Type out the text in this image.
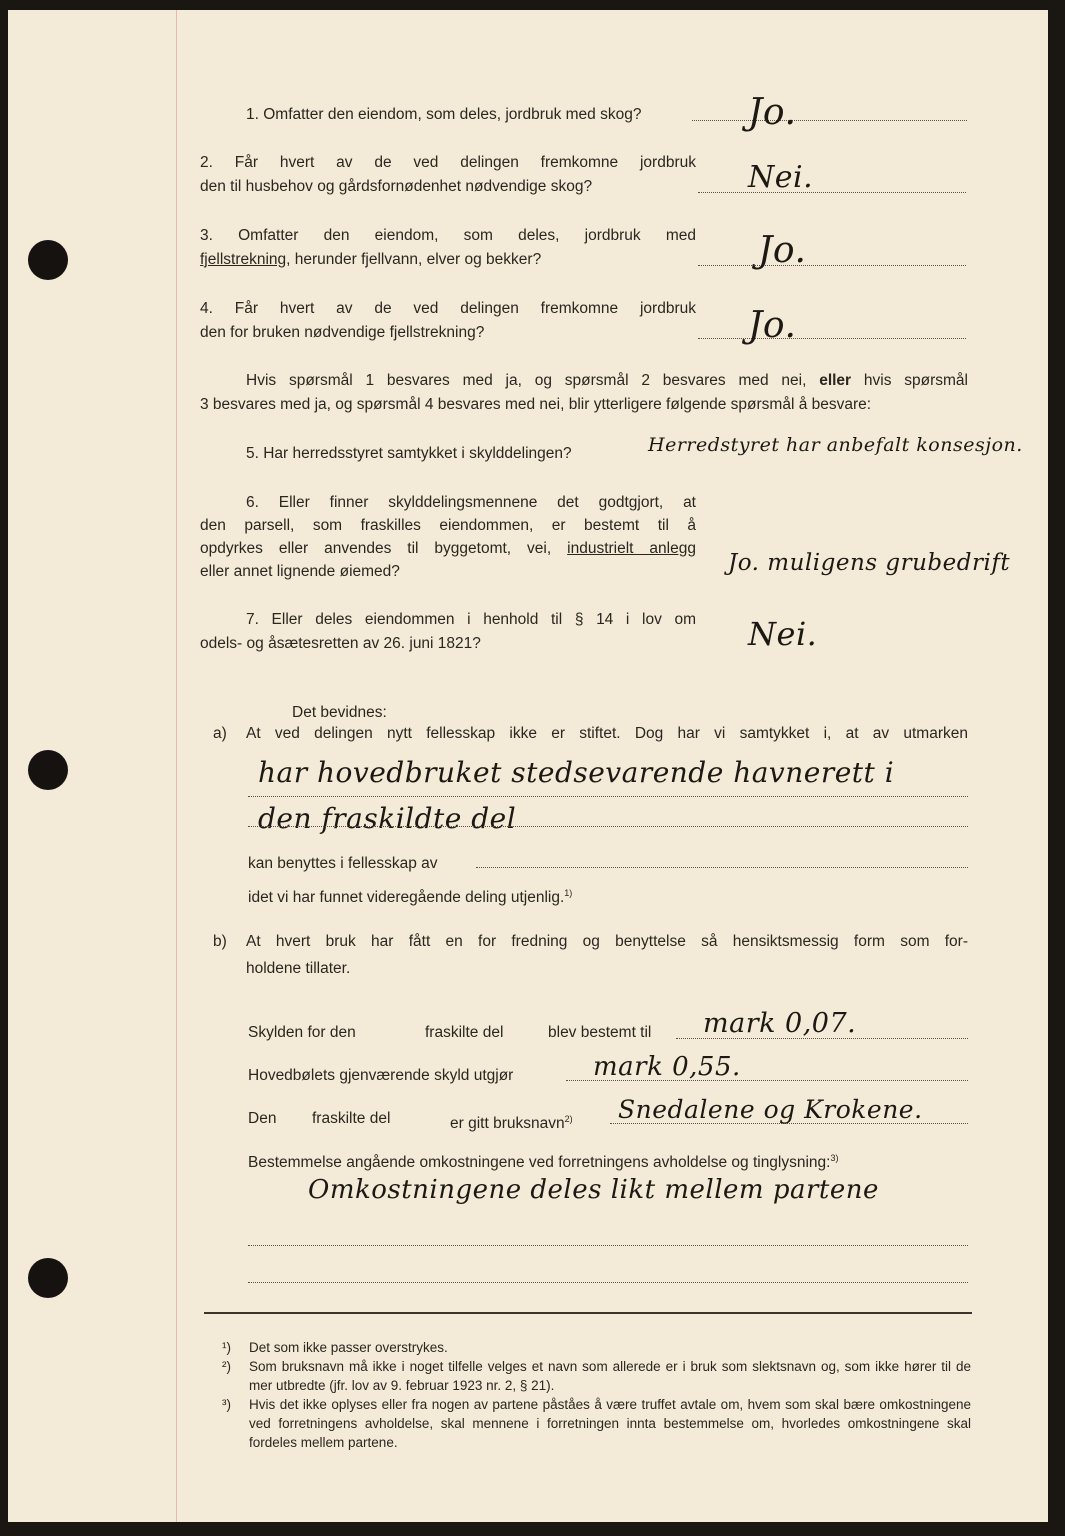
1. Omfatter den eiendom, som deles, jordbruk med skog?	Jo.
2. Får hvert av de ved delingen fremkomne jordbruk
den til husbehov og gårdsfornødenhet nødvendige skog?	Nei.
3. Omfatter den eiendom, som deles, jordbruk med
fjellstrekning, herunder fjellvann, elver og bekker?	Jo.
4. Får hvert av de ved delingen fremkomne jordbruk
den for bruken nødvendige fjellstrekning?	Jo.
Hvis spørsmål 1 besvares med ja, og spørsmål 2 besvares med nei, eller hvis spørsmål
3 besvares med ja, og spørsmål 4 besvares med nei, blir ytterligere følgende spørsmål å besvare:
5. Har herredsstyret samtykket i skylddelingen?	Herredstyret har anbefalt konsesjon.
6. Eller finner skylddelingsmennene det godtgjort, at
den parsell, som fraskilles eiendommen, er bestemt til å
opdyrkes eller anvendes til byggetomt, vei, industrielt anlegg
eller annet lignende øiemed?	Jo. muligens grubedrift
7. Eller deles eiendommen i henhold til § 14 i lov om
odels- og åsætesretten av 26. juni 1821?	Nei.
Det bevidnes:
a) At ved delingen nytt fellesskap ikke er stiftet. Dog har vi samtykket i, at av utmarken
har hovedbruket stedsevarende havnerett i
den fraskildte del
kan benyttes i fellesskap av
idet vi har funnet videregående deling utjenlig.$^{1)}$
b) At hvert bruk har fått en for fredning og benyttelse så hensiktsmessig form som for-
holdene tillater.
Skylden for den	fraskilte del	blev bestemt til mark 0,07.
Hovedbølets gjenværende skyld utgjør	mark 0,55.
Den fraskilte del	er gitt bruksnavn$^{2)}$ Snedalene og Krokene.
Bestemmelse angående omkostningene ved forretningens avholdelse og tinglysning:$^{3)}$
Omkostningene deles likt mellem partene
¹) Det som ikke passer overstrykes.
²) Som bruksnavn må ikke i noget tilfelle velges et navn som allerede er i bruk som slektsnavn og, som ikke hører til de mer utbredte (jfr. lov av 9. februar 1923 nr. 2, § 21).
³) Hvis det ikke oplyses eller fra nogen av partene påståes å være truffet avtale om, hvem som skal bære omkostningene ved forretningens avholdelse, skal mennene i forretningen innta bestemmelse om, hvorledes omkostningene skal fordeles mellem partene.
